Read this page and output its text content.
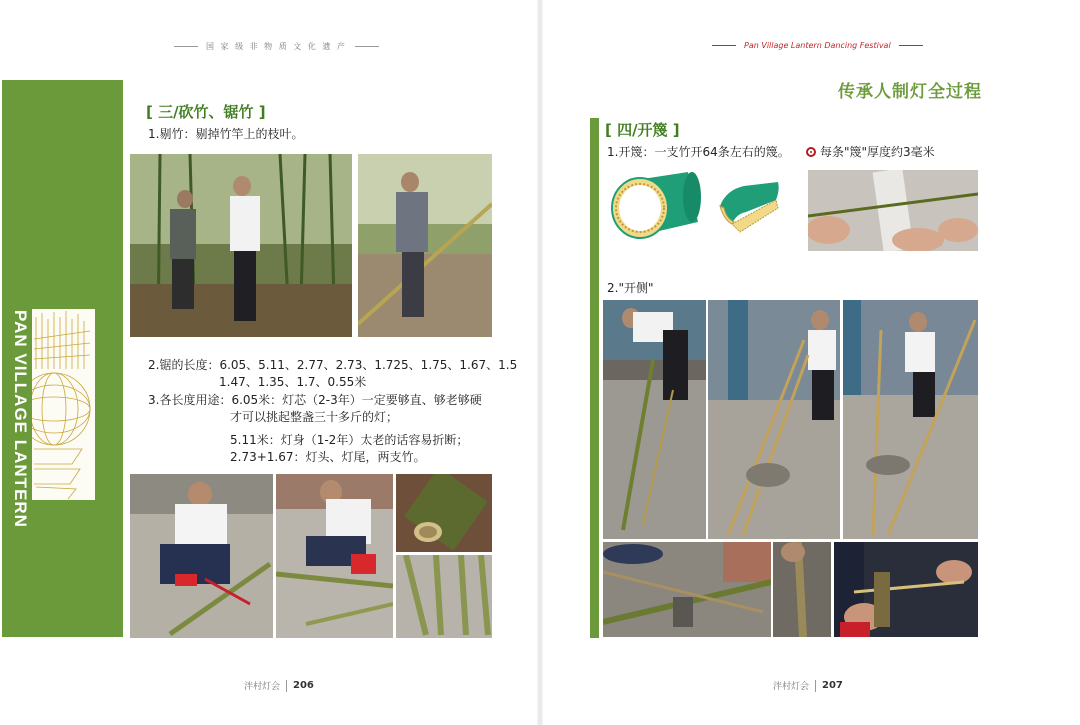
国 家 级 非 物 质 文 化 遗 产
PAN VILLAGE LANTERN
[ 三/砍竹、锯竹 ]
1.剔竹：剔掉竹竿上的枝叶。
2.锯的长度：6.05、5.11、2.77、2.73、1.725、1.75、1.67、1.5
1.47、1.35、1.7、0.55米
3.各长度用途：6.05米：灯芯（2-3年）一定要够直、够老够硬
才可以挑起整盏三十多斤的灯；
5.11米：灯身（1-2年）太老的话容易折断；
2.73+1.67：灯头、灯尾，两支竹。
泮村灯会 206
Pan Village Lantern Dancing Festival
传承人制灯全过程
[ 四/开篾 ]
1.开篾：一支竹开64条左右的篾。	每条"篾"厚度约3毫米
2."开侧"
泮村灯会 207
